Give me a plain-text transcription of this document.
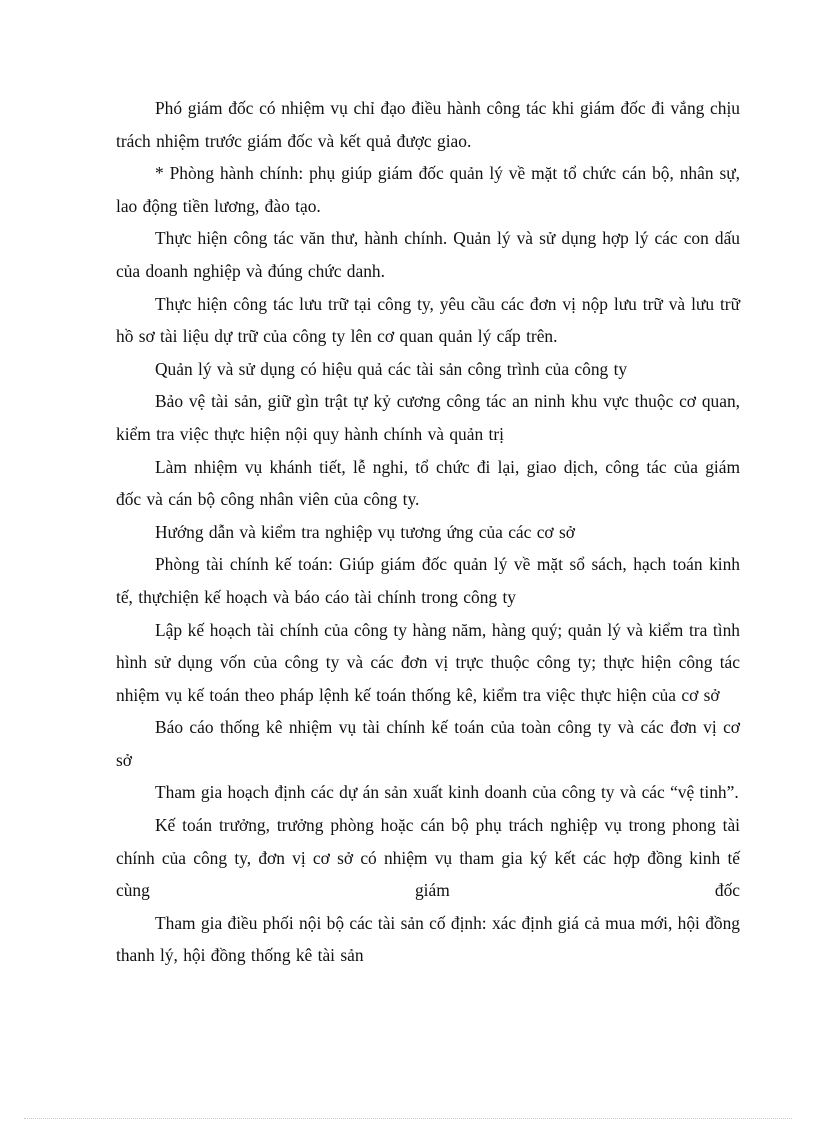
Phó giám đốc có nhiệm vụ chỉ đạo điều hành công tác khi giám đốc đi vắng chịu trách nhiệm trước giám đốc và kết quả được giao.

* Phòng hành chính: phụ giúp giám đốc quản lý về mặt tổ chức cán bộ, nhân sự, lao động tiền lương, đào tạo.

Thực hiện công tác văn thư, hành chính. Quản lý và sử dụng hợp lý các con dấu của doanh nghiệp và đúng chức danh.

Thực hiện công tác lưu trữ tại công ty, yêu cầu các đơn vị nộp lưu trữ và lưu trữ hồ sơ tài liệu dự trữ của công ty lên cơ quan quản lý cấp trên.

Quản lý và sử dụng có hiệu quả các tài sản công trình của công ty

Bảo vệ tài sản, giữ gìn trật tự kỷ cương công tác an ninh khu vực thuộc cơ quan, kiểm tra việc thực hiện nội quy hành chính và quản trị

Làm nhiệm vụ khánh tiết, lễ nghi, tổ chức đi lại, giao dịch, công tác của giám đốc và cán bộ công nhân viên của công ty.

Hướng dẫn và kiểm tra nghiệp vụ tương ứng của các cơ sở

Phòng tài chính kế toán: Giúp giám đốc quản lý về mặt sổ sách, hạch toán kinh tế, thựchiện kế hoạch và báo cáo tài chính trong công ty

Lập kế hoạch tài chính của công ty hàng năm, hàng quý; quản lý và kiểm tra tình hình sử dụng vốn của công ty và các đơn vị trực thuộc công ty; thực hiện công tác nhiệm vụ kế toán theo pháp lệnh kế toán thống kê, kiểm tra việc thực hiện của cơ sở

Báo cáo thống kê nhiệm vụ tài chính kế toán của toàn công ty và các đơn vị cơ sở

Tham gia hoạch định các dự án sản xuất kinh doanh của công ty và các “vệ tinh”.

Kế toán trưởng, trưởng phòng hoặc cán bộ phụ trách nghiệp vụ trong phong tài chính của công ty, đơn vị cơ sở có nhiệm vụ tham gia ký kết các hợp đồng kinh tế cùng giám đốc

Tham gia điều phối nội bộ các tài sản cố định: xác định giá cả mua mới, hội đồng thanh lý, hội đồng thống kê tài sản
